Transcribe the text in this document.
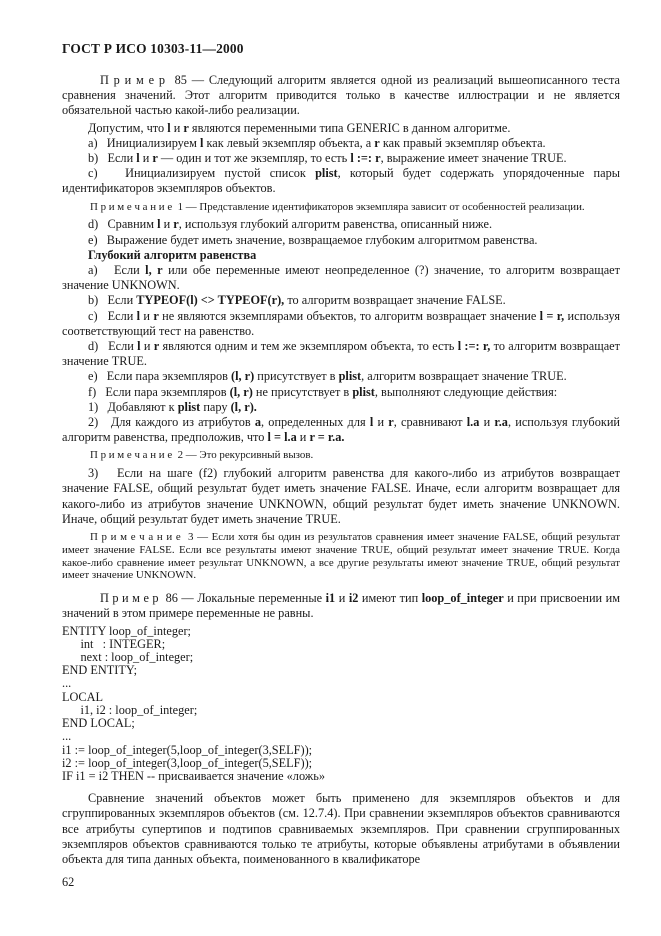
ГОСТ Р ИСО 10303-11—2000

П р и м е р  85 — Следующий алгоритм является одной из реализаций вышеописанного теста сравнения значений. Этот алгоритм приводится только в качестве иллюстрации и не является обязательной частью какой-либо реализации.

Допустим, что l и r являются переменными типа GENERIC в данном алгоритме.

a)   Инициализируем l как левый экземпляр объекта, а r как правый экземпляр объекта.

b)   Если l и r — один и тот же экземпляр, то есть l :=: r, выражение имеет значение TRUE.

c)   Инициализируем пустой список plist, который будет содержать упорядоченные пары идентификаторов экземпляров объектов.

П р и м е ч а н и е  1 — Представление идентификаторов экземпляра зависит от особенностей реализации.

d)   Сравним l и r, используя глубокий алгоритм равенства, описанный ниже.

e)   Выражение будет иметь значение, возвращаемое глубоким алгоритмом равенства.

Глубокий алгоритм равенства

a)   Если l, r или обе переменные имеют неопределенное (?) значение, то алгоритм возвращает значение UNKNOWN.

b)   Если TYPEOF(l) <> TYPEOF(r), то алгоритм возвращает значение FALSE.

c)   Если l и r не являются экземплярами объектов, то алгоритм возвращает значение l = r, используя соответствующий тест на равенство.

d)   Если l и r являются одним и тем же экземпляром объекта, то есть l :=: r, то алгоритм возвращает значение TRUE.

e)   Если пара экземпляров (l, r) присутствует в plist, алгоритм возвращает значение TRUE.

f)   Если пара экземпляров (l, r) не присутствует в plist, выполняют следующие действия:

1)   Добавляют к plist пару (l, r).

2)   Для каждого из атрибутов a, определенных для l и r, сравнивают l.a и r.a, используя глубокий алгоритм равенства, предположив, что l = l.a и r = r.a.

П р и м е ч а н и е  2 — Это рекурсивный вызов.

3)   Если на шаге (f2) глубокий алгоритм равенства для какого-либо из атрибутов возвращает значение FALSE, общий результат будет иметь значение FALSE. Иначе, если алгоритм возвращает для какого-либо из атрибутов значение UNKNOWN, общий результат будет иметь значение UNKNOWN. Иначе, общий результат будет иметь значение TRUE.

П р и м е ч а н и е  3 — Если хотя бы один из результатов сравнения имеет значение FALSE, общий результат имеет значение FALSE. Если все результаты имеют значение TRUE, общий результат имеет значение TRUE. Когда какое-либо сравнение имеет результат UNKNOWN, а все другие результаты имеют значение TRUE, общий результат имеет значение UNKNOWN.

П р и м е р  86 — Локальные переменные i1 и i2 имеют тип loop_of_integer и при присвоении им значений в этом примере переменные не равны.

ENTITY loop_of_integer;
int   : INTEGER;
next : loop_of_integer;
END ENTITY;
...
LOCAL
i1, i2 : loop_of_integer;
END LOCAL;
...
i1 := loop_of_integer(5,loop_of_integer(3,SELF));
i2 := loop_of_integer(3,loop_of_integer(5,SELF));
IF i1 = i2 THEN -- присваивается значение «ложь»

Сравнение значений объектов может быть применено для экземпляров объектов и для сгруппированных экземпляров объектов (см. 12.7.4). При сравнении экземпляров объектов сравниваются все атрибуты супертипов и подтипов сравниваемых экземпляров. При сравнении сгруппированных экземпляров объектов сравниваются только те атрибуты, которые объявлены атрибутами в объявлении объекта для типа данных объекта, поименованного в квалификаторе

62
